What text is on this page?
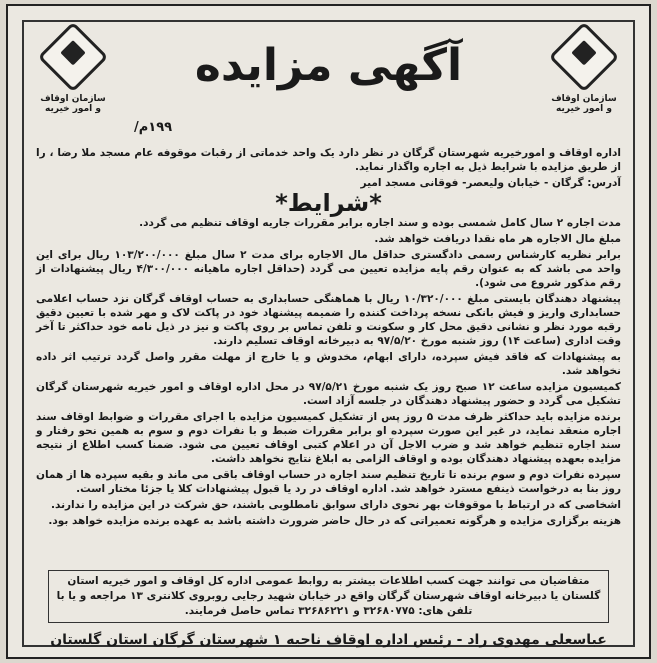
سازمان اوقاف و امور خیریه
سازمان اوقاف و امور خیریه
آگهی مزایده
۱۹۹م/

اداره اوقاف و امورخیریه شهرستان گرگان در نظر دارد یک واحد خدماتی از رقبات موقوفه عام مسجد ملا رضا ، را از طریق مزایده با شرایط ذیل به اجاره واگذار نماید.

آدرس: گرگان - خیابان ولیعصر- فوقانی مسجد امیر

*شرایط*

مدت اجاره ۲ سال کامل شمسی بوده و سند اجاره برابر مقررات جاریه اوقاف تنظیم می گردد.

مبلغ مال الاجاره هر ماه نقدا دریافت خواهد شد.

برابر نظریه کارشناس رسمی دادگستری حداقل مال الاجاره برای مدت ۲ سال مبلغ ۱۰۳/۲۰۰/۰۰۰ ریال برای این واحد می باشد که به عنوان رقم پایه مزایده تعیین می گردد (حداقل اجاره ماهیانه ۴/۳۰۰/۰۰۰ ریال پیشنهادات از رقم مذکور شروع می شود).

پیشنهاد دهندگان بایستی مبلغ ۱۰/۳۲۰/۰۰۰ ریال با هماهنگی حسابداری به حساب اوقاف گرگان نزد حساب اعلامی حسابداری واریز و فیش بانکی نسخه پرداخت کننده را ضمیمه پیشنهاد خود در پاکت لاک و مهر شده با تعیین دقیق رقبه مورد نظر و نشانی دقیق محل کار و سکونت و تلفن تماس بر روی پاکت و نیز در ذیل نامه خود حداکثر تا آخر وقت اداری (ساعت ۱۴) روز شنبه مورخ ۹۷/۵/۲۰ به دبیرخانه اوقاف تسلیم دارند.

به پیشنهادات که فاقد فیش سپرده، دارای ابهام، مخدوش و یا خارج از مهلت مقرر واصل گردد ترتیب اثر داده نخواهد شد.

کمیسیون مزایده ساعت ۱۲ صبح روز یک شنبه مورخ ۹۷/۵/۲۱ در محل اداره اوقاف و امور خیریه شهرستان گرگان تشکیل می گردد و حضور پیشنهاد دهندگان در جلسه آزاد است.

برنده مزایده باید حداکثر ظرف مدت ۵ روز پس از تشکیل کمیسیون مزایده با اجرای مقررات و ضوابط اوقاف سند اجاره منعقد نماید، در غیر این صورت سپرده او برابر مقررات ضبط و با نفرات دوم و سوم به همین نحو رفتار و سند اجاره تنظیم خواهد شد و ضرب الاجل آن در اعلام کتبی اوقاف تعیین می شود. ضمنا کسب اطلاع از نتیجه مزایده بعهده پیشنهاد دهندگان بوده و اوقاف الزامی به ابلاغ نتایج نخواهد داشت.

سپرده نفرات دوم و سوم برنده تا تاریخ تنظیم سند اجاره در حساب اوقاف باقی می ماند و بقیه سپرده ها از همان روز بنا به درخواست ذینفع مسترد خواهد شد. اداره اوقاف در رد یا قبول پیشنهادات کلا یا جزئا مختار است.

اشخاصی که در ارتباط با موقوفات بهر نحوی دارای سوابق نامطلوبی باشند، حق شرکت در این مزایده را ندارند.

هزینه برگزاری مزایده و هرگونه تعمیراتی که در حال حاضر ضرورت داشته باشد به عهده برنده مزایده خواهد بود.

متقاضیان می توانند جهت کسب اطلاعات بیشتر به روابط عمومی اداره کل اوقاف و امور خیریه استان گلستان یا دبیرخانه اوقاف شهرستان گرگان واقع در خیابان شهید رجایی روبروی کلانتری ۱۳ مراجعه و یا با تلفن های: ۳۲۶۸۰۷۷۵ و ۳۲۶۸۶۲۲۱ تماس حاصل فرمایند.
عباسعلی مهدوی راد - رئیس اداره اوقاف ناحیه ۱ شهرستان گرگان استان گلستان
